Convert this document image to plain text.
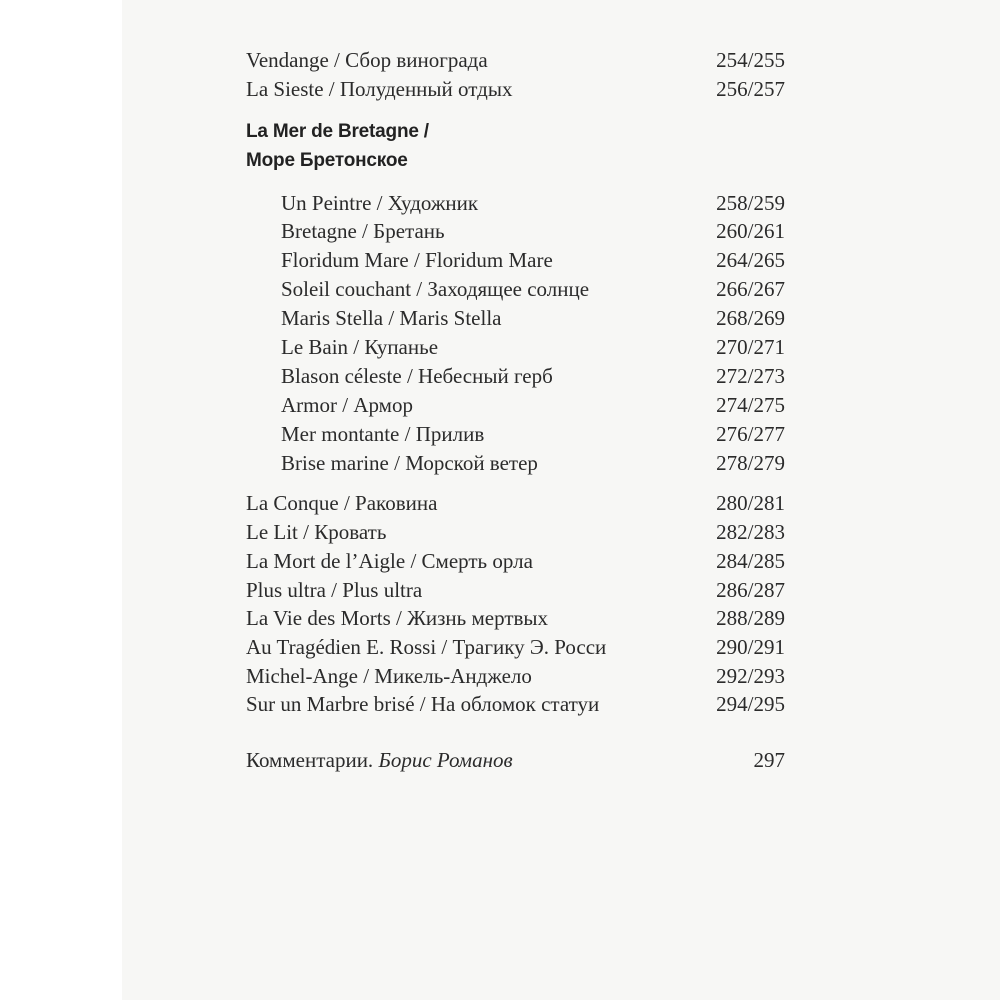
Vendange / Сбор винограда	254/255
La Sieste / Полуденный отдых	256/257
La Mer de Bretagne /
Море Бретонское
Un Peintre / Художник	258/259
Bretagne / Бретань	260/261
Floridum Mare / Floridum Mare	264/265
Soleil couchant / Заходящее солнце	266/267
Maris Stella / Maris Stella	268/269
Le Bain / Купанье	270/271
Blason céleste / Небесный герб	272/273
Armor / Армор	274/275
Mer montante / Прилив	276/277
Brise marine / Морской ветер	278/279
La Conque / Раковина	280/281
Le Lit / Кровать	282/283
La Mort de l’Aigle / Смерть орла	284/285
Plus ultra / Plus ultra	286/287
La Vie des Morts / Жизнь мертвых	288/289
Au Tragédien E. Rossi / Трагику Э. Росси	290/291
Michel-Ange / Микель-Анджело	292/293
Sur un Marbre brisé / На обломок статуи	294/295
Комментарии. Борис Романов	297
